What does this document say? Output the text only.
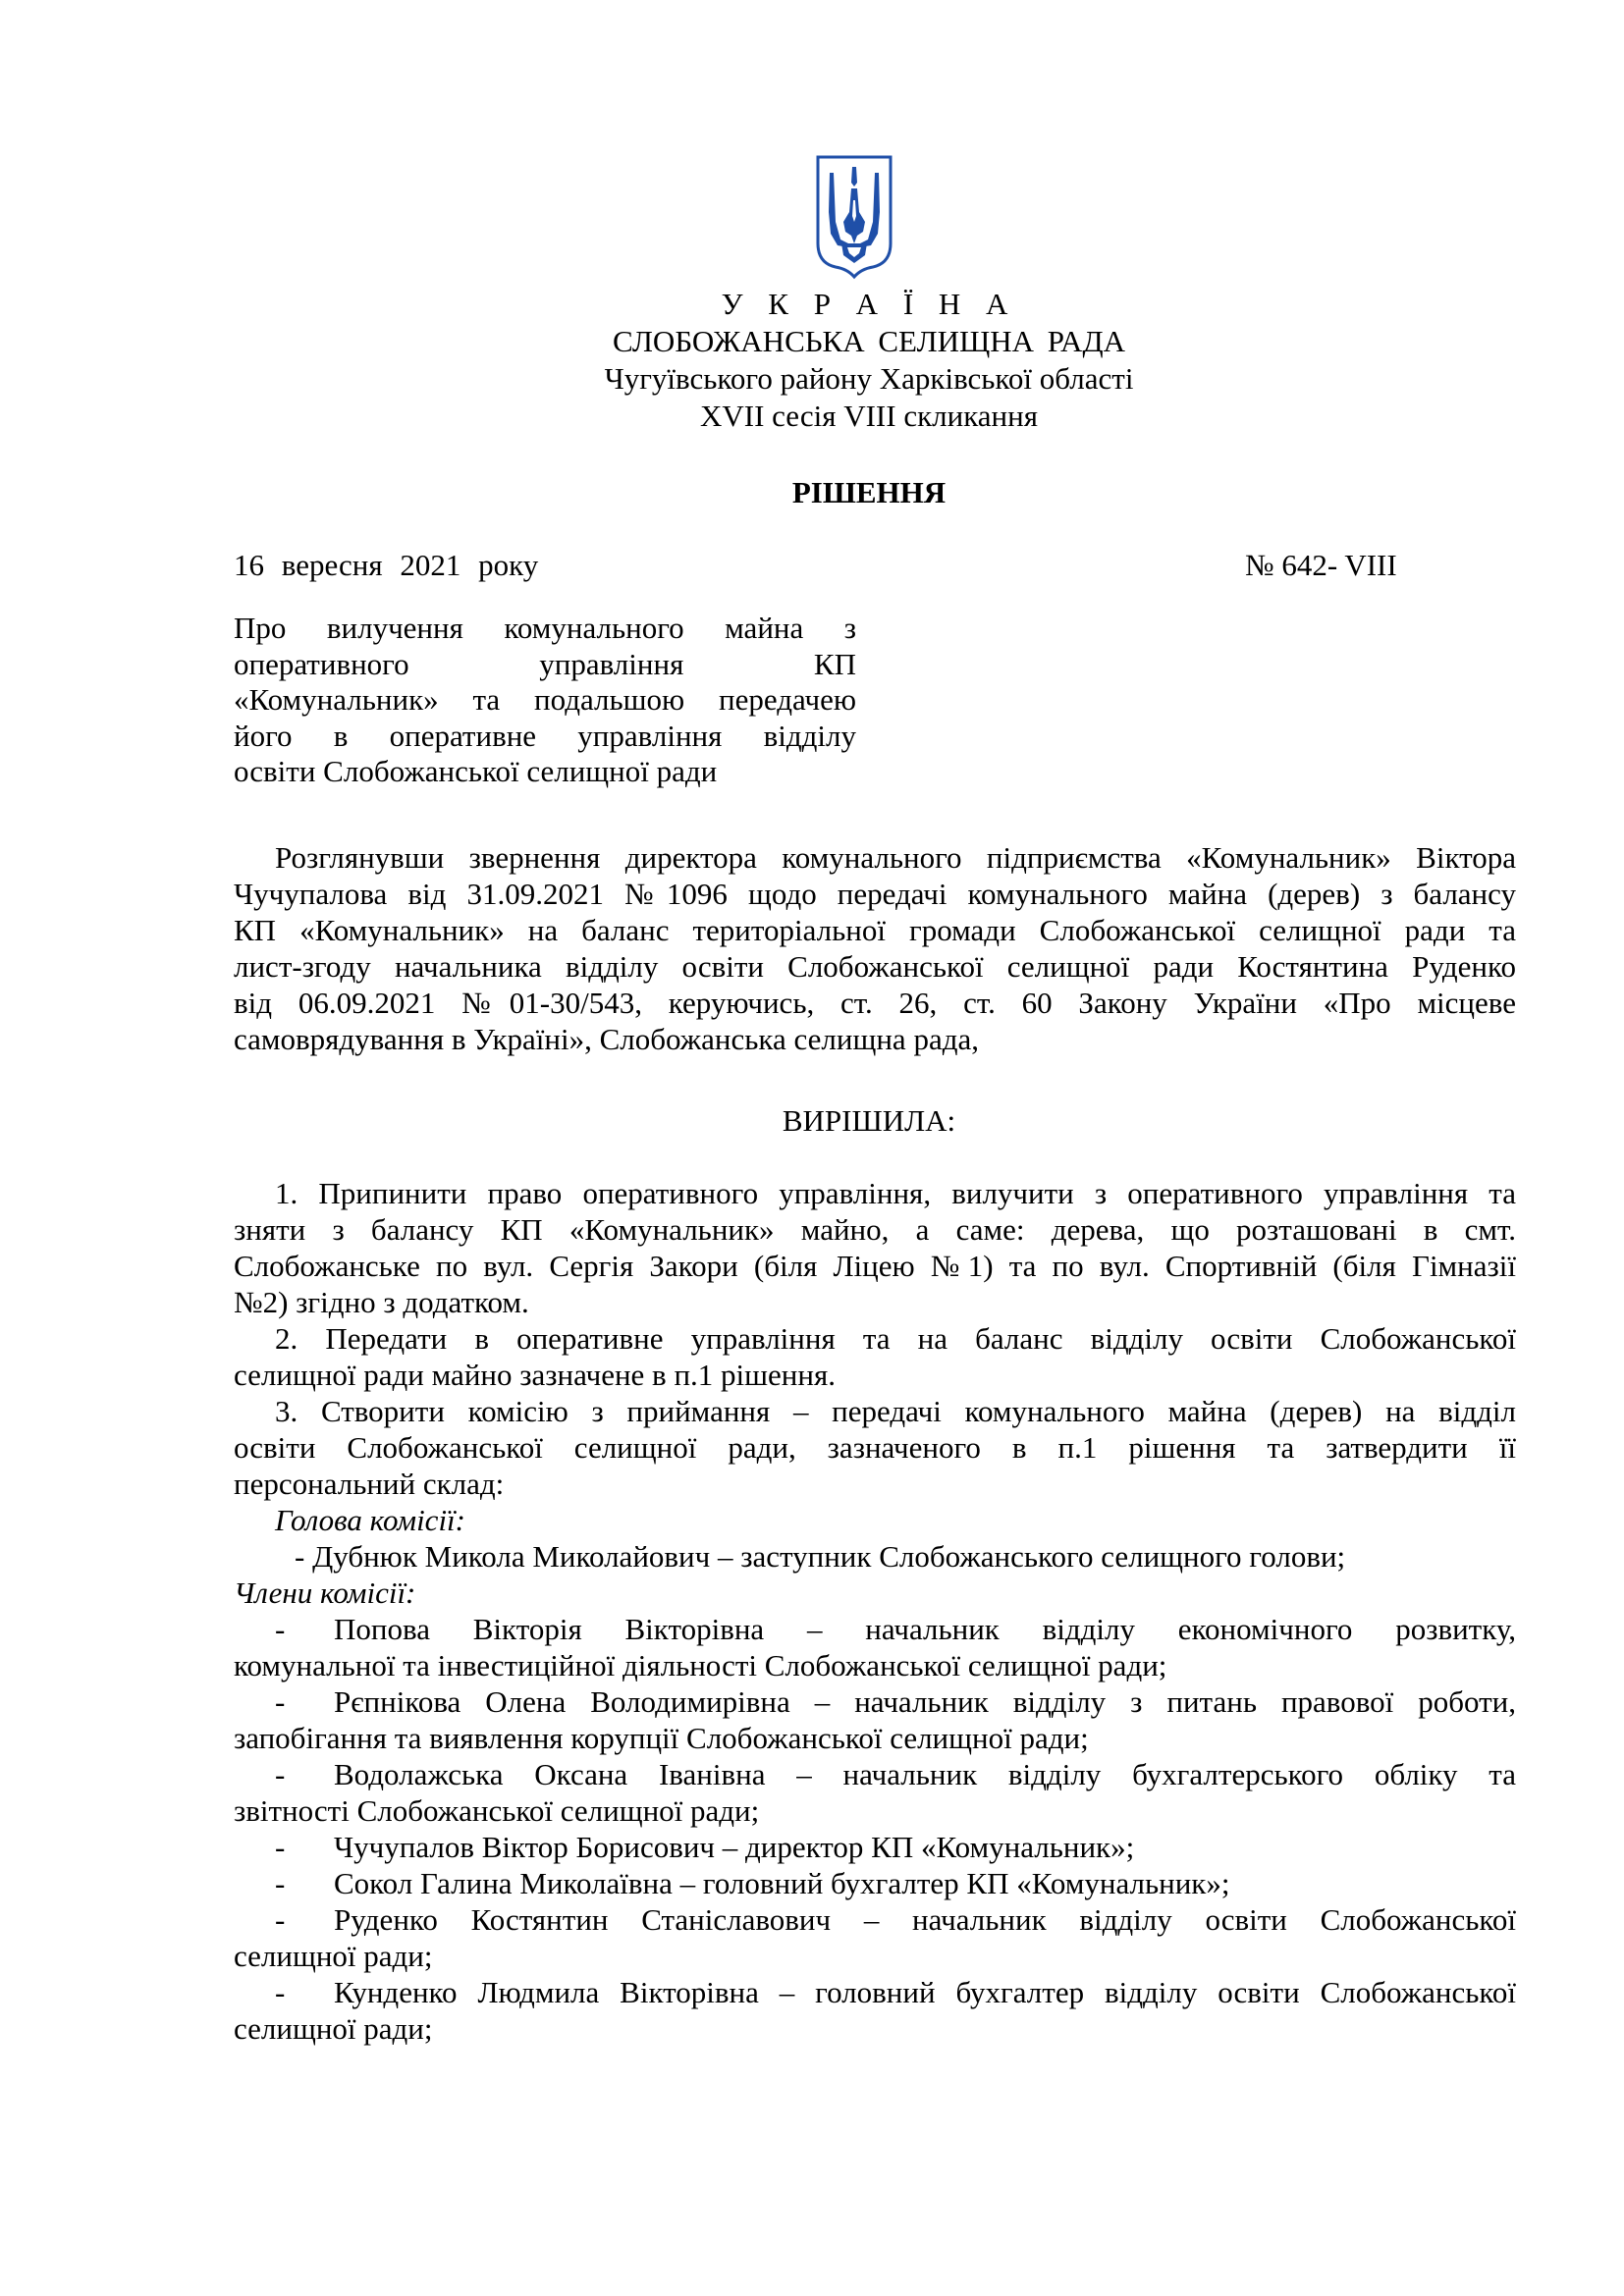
У К Р А Ї Н А
СЛОБОЖАНСЬКА СЕЛИЩНА РАДА
Чугуївського району Харківської області
XVII сесія VIII скликання
РІШЕННЯ
16 вересня 2021 року	№ 642- VIII
Про вилучення комунального майна з
оперативного управління КП
«Комунальник» та подальшою передачею
його в оперативне управління відділу
освіти Слобожанської селищної ради
Розглянувши звернення директора комунального підприємства «Комунальник» Віктора
Чучупалова від 31.09.2021 №1096 щодо передачі комунального майна (дерев) з балансу
КП «Комунальник» на баланс територіальної громади Слобожанської селищної ради та
лист-згоду начальника відділу освіти Слобожанської селищної ради Костянтина Руденко
від 06.09.2021 №01-30/543, керуючись, ст. 26, ст. 60 Закону України «Про місцеве
самоврядування в Україні», Слобожанська селищна рада,
ВИРІШИЛА:
1. Припинити право оперативного управління, вилучити з оперативного управління та
зняти з балансу КП «Комунальник» майно, а саме: дерева, що розташовані в смт.
Слобожанське по вул. Сергія Закори (біля Ліцею №1) та по вул. Спортивній (біля Гімназії
№2) згідно з додатком.
2. Передати в оперативне управління та на баланс відділу освіти Слобожанської
селищної ради майно зазначене в п.1 рішення.
3. Створити комісію з приймання – передачі комунального майна (дерев) на відділ
освіти Слобожанської селищної ради, зазначеного в п.1 рішення та затвердити її
персональний склад:
Голова комісії:
- Дубнюк Микола Миколайович – заступник Слобожанського селищного голови;
Члени комісії:
- Попова Вікторія Вікторівна – начальник відділу економічного розвитку,
комунальної та інвестиційної діяльності Слобожанської селищної ради;
- Рєпнікова Олена Володимирівна – начальник відділу з питань правової роботи,
запобігання та виявлення корупції Слобожанської селищної ради;
- Водолажська Оксана Іванівна – начальник відділу бухгалтерського обліку та
звітності Слобожанської селищної ради;
- Чучупалов Віктор Борисович – директор КП «Комунальник»;
- Сокол Галина Миколаївна – головний бухгалтер КП «Комунальник»;
- Руденко Костянтин Станіславович – начальник відділу освіти Слобожанської
селищної ради;
- Кунденко Людмила Вікторівна – головний бухгалтер відділу освіти Слобожанської
селищної ради;
